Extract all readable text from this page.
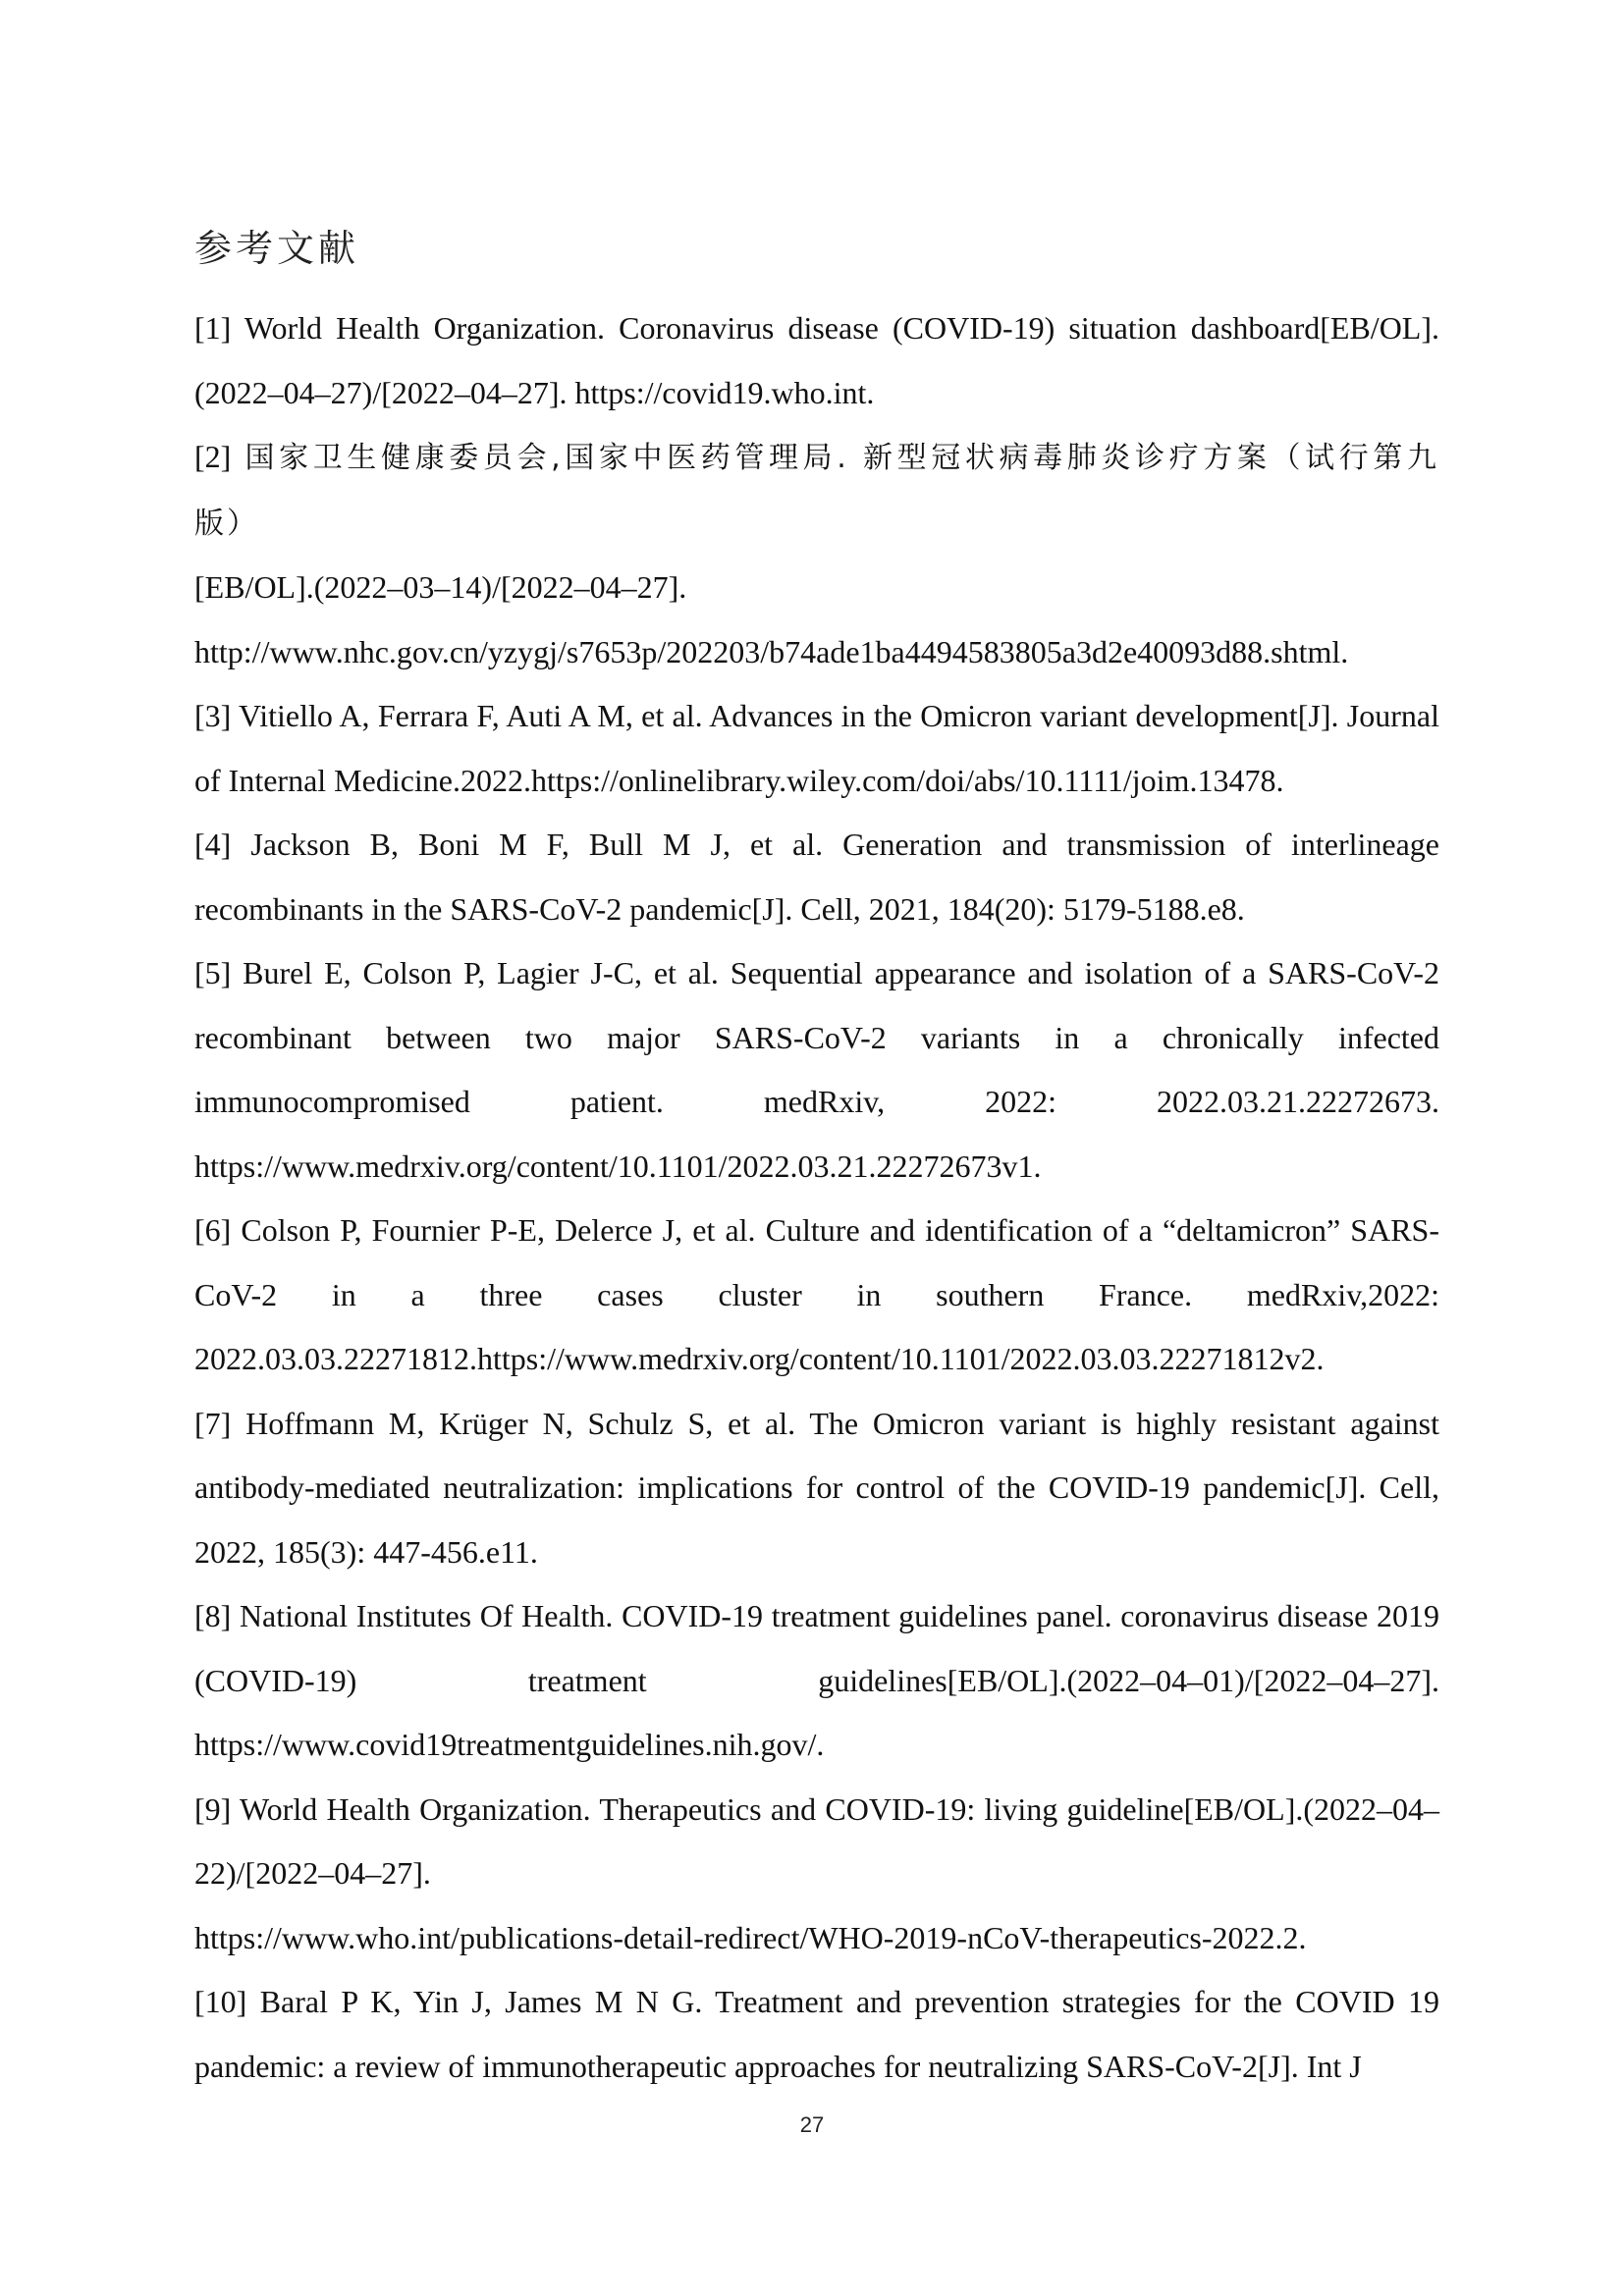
参考文献

[1] World Health Organization. Coronavirus disease (COVID-19) situation dashboard[EB/OL].(2022–04–27)/[2022–04–27]. https://covid19.who.int.

[2] 国家卫生健康委员会,国家中医药管理局. 新型冠状病毒肺炎诊疗方案（试行第九版）
[EB/OL].(2022–03–14)/[2022–04–27].
http://www.nhc.gov.cn/yzygj/s7653p/202203/b74ade1ba4494583805a3d2e40093d88.shtml.

[3] Vitiello A, Ferrara F, Auti A M, et al. Advances in the Omicron variant development[J]. Journal of Internal Medicine.2022.https://onlinelibrary.wiley.com/doi/abs/10.1111/joim.13478.

[4] Jackson B, Boni M F, Bull M J, et al. Generation and transmission of interlineage recombinants in the SARS-CoV-2 pandemic[J]. Cell, 2021, 184(20): 5179-5188.e8.

[5] Burel E, Colson P, Lagier J-C, et al. Sequential appearance and isolation of a SARS-CoV-2 recombinant between two major SARS-CoV-2 variants in a chronically infected immunocompromised patient. medRxiv, 2022: 2022.03.21.22272673. https://www.medrxiv.org/content/10.1101/2022.03.21.22272673v1.

[6] Colson P, Fournier P-E, Delerce J, et al. Culture and identification of a “deltamicron” SARS-CoV-2 in a three cases cluster in southern France. medRxiv,2022: 2022.03.03.22271812.https://www.medrxiv.org/content/10.1101/2022.03.03.22271812v2.

[7] Hoffmann M, Krüger N, Schulz S, et al. The Omicron variant is highly resistant against antibody-mediated neutralization: implications for control of the COVID-19 pandemic[J]. Cell, 2022, 185(3): 447-456.e11.

[8] National Institutes Of Health. COVID-19 treatment guidelines panel. coronavirus disease 2019 (COVID-19) treatment guidelines[EB/OL].(2022–04–01)/[2022–04–27]. https://www.covid19treatmentguidelines.nih.gov/.

[9] World Health Organization. Therapeutics and COVID-19: living guideline[EB/OL].(2022–04–22)/[2022–04–27].
https://www.who.int/publications-detail-redirect/WHO-2019-nCoV-therapeutics-2022.2.

[10] Baral P K, Yin J, James M N G. Treatment and prevention strategies for the COVID 19 pandemic: a review of immunotherapeutic approaches for neutralizing SARS-CoV-2[J]. Int J

27
